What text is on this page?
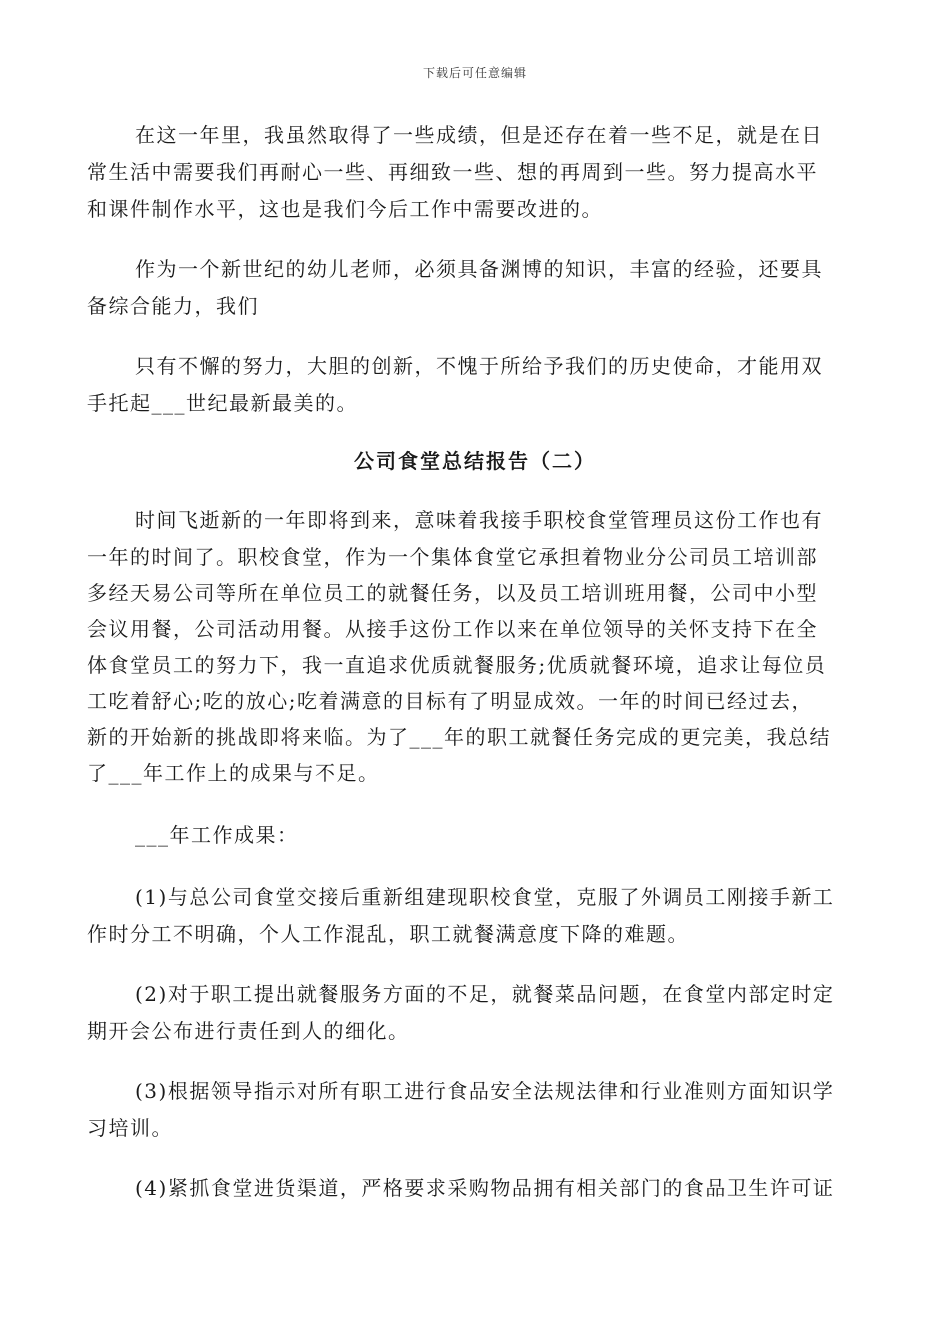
下载后可任意编辑
在这一年里，我虽然取得了一些成绩，但是还存在着一些不足，就是在日
常生活中需要我们再耐心一些、再细致一些、想的再周到一些。努力提高水平
和课件制作水平，这也是我们今后工作中需要改进的。
作为一个新世纪的幼儿老师，必须具备渊博的知识，丰富的经验，还要具
备综合能力，我们
只有不懈的努力，大胆的创新，不愧于所给予我们的历史使命，才能用双
手托起___世纪最新最美的。
公司食堂总结报告（二）
时间飞逝新的一年即将到来，意味着我接手职校食堂管理员这份工作也有
一年的时间了。职校食堂，作为一个集体食堂它承担着物业分公司员工培训部
多经天易公司等所在单位员工的就餐任务，以及员工培训班用餐，公司中小型
会议用餐，公司活动用餐。从接手这份工作以来在单位领导的关怀支持下在全
体食堂员工的努力下，我一直追求优质就餐服务;优质就餐环境，追求让每位员
工吃着舒心;吃的放心;吃着满意的目标有了明显成效。一年的时间已经过去，
新的开始新的挑战即将来临。为了___年的职工就餐任务完成的更完美，我总结
了___年工作上的成果与不足。
___年工作成果：
(1)与总公司食堂交接后重新组建现职校食堂，克服了外调员工刚接手新工
作时分工不明确，个人工作混乱，职工就餐满意度下降的难题。
(2)对于职工提出就餐服务方面的不足，就餐菜品问题，在食堂内部定时定
期开会公布进行责任到人的细化。
(3)根据领导指示对所有职工进行食品安全法规法律和行业准则方面知识学
习培训。
(4)紧抓食堂进货渠道，严格要求采购物品拥有相关部门的食品卫生许可证
